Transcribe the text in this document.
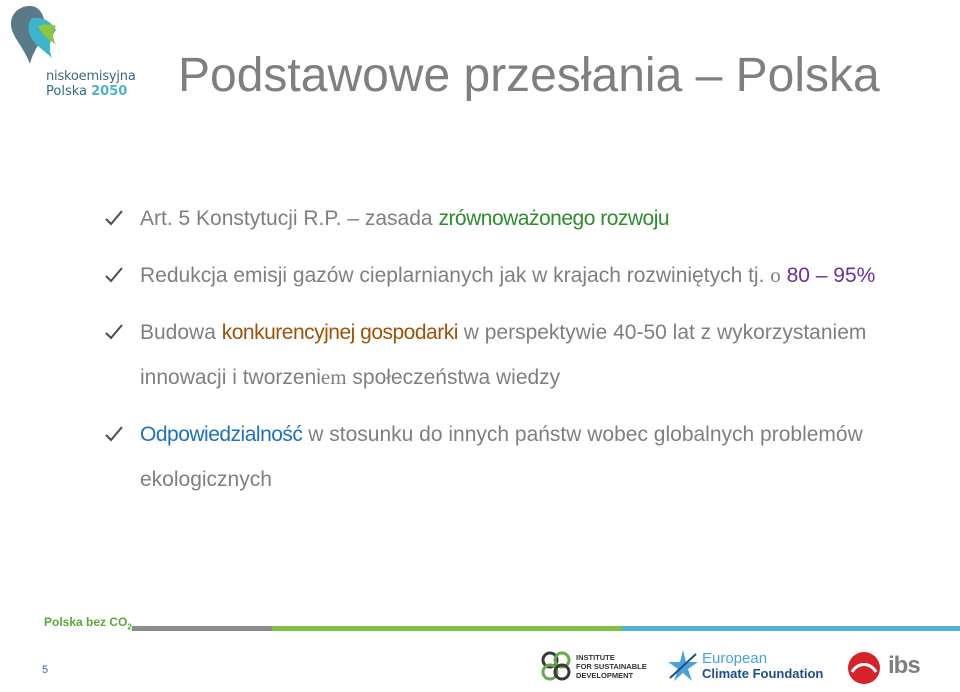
niskoemisyjna
Polska 2050 Podstawowe przesłania – Polska
Art. 5 Konstytucji R.P. – zasada zrównoważonego rozwoju
Redukcja emisji gazów cieplarnianych jak w krajach rozwiniętych tj. o 80 – 95%
Budowa konkurencyjnej gospodarki w perspektywie 40-50 lat z wykorzystaniem innowacji i tworzeniem społeczeństwa wiedzy
Odpowiedzialność w stosunku do innych państw wobec globalnych problemów ekologicznych
Polska bez $CO_2$
5
INSTITUTE
FOR SUSTAINABLE
DEVELOPMENT
European
Climate Foundation	ibs
